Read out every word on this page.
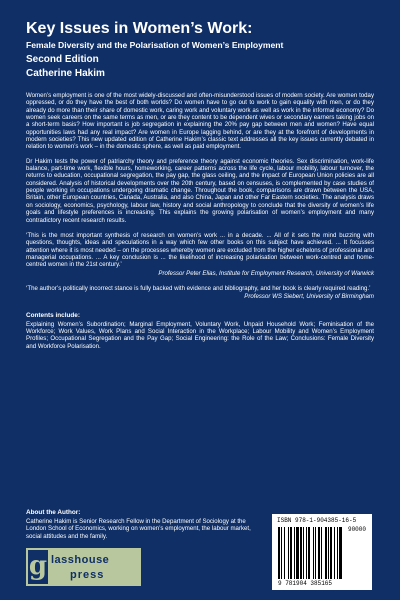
Key Issues in Women’s Work:
Female Diversity and the Polarisation of Women’s Employment
Second Edition
Catherine Hakim
Women’s employment is one of the most widely-discussed and often-misunderstood issues of modern society. Are women today oppressed, or do they have the best of both worlds? Do women have to go out to work to gain equality with men, or do they already do more than their share of domestic work, caring work and voluntary work as well as work in the informal economy? Do women seek careers on the same terms as men, or are they content to be dependent wives or secondary earners taking jobs on a short-term basis? How important is job segregation in explaining the 20% pay gap between men and women? Have equal opportunities laws had any real impact? Are women in Europe lagging behind, or are they at the forefront of developments in modern societies? This new updated edition of Catherine Hakim’s classic text addresses all the key issues currently debated in relation to women’s work – in the domestic sphere, as well as paid employment.
Dr Hakim tests the power of patriarchy theory and preference theory against economic theories. Sex discrimination, work-life balance, part-time work, flexible hours, homeworking, career patterns across the life cycle, labour mobility, labour turnover, the returns to education, occupational segregation, the pay gap, the glass ceiling, and the impact of European Union policies are all considered. Analysis of historical developments over the 20th century, based on censuses, is complemented by case studies of people working in occupations undergoing dramatic change. Throughout the book, comparisons are drawn between the USA, Britain, other European countries, Canada, Australia, and also China, Japan and other Far Eastern societies. The analysis draws on sociology, economics, psychology, labour law, history and social anthropology to conclude that the diversity of women’s life goals and lifestyle preferences is increasing. This explains the growing polarisation of women’s employment and many contradictory recent research results.
‘This is the most important synthesis of research on women’s work ... in a decade. ... All of it sets the mind buzzing with questions, thoughts, ideas and speculations in a way which few other books on this subject have achieved. ... It focusses attention where it is most needed – on the processes whereby women are excluded from the higher echelons of professional and managerial occupations. ... A key conclusion is ... the likelihood of increasing polarisation between work-centred and home-centred women in the 21st century.’
Professor Peter Elias, Institute for Employment Research, University of Warwick
‘The author’s politically incorrect stance is fully backed with evidence and bibliography, and her book is clearly required reading.’
Professor WS Siebert, University of Birmingham
Contents include:
Explaining Women’s Subordination; Marginal Employment, Voluntary Work, Unpaid Household Work; Feminisation of the Workforce; Work Values, Work Plans and Social Interaction in the Workplace; Labour Mobility and Women’s Employment Profiles; Occupational Segregation and the Pay Gap; Social Engineering: the Role of the Law; Conclusions: Female Diversity and Workforce Polarisation.
About the Author:
Catherine Hakim is Senior Research Fellow in the Department of Sociology at the London School of Economics, working on women’s employment, the labour market, social attitudes and the family.
g lasshouse
press
ISBN 978-1-904385-16-5
90000
9 781904 385165
